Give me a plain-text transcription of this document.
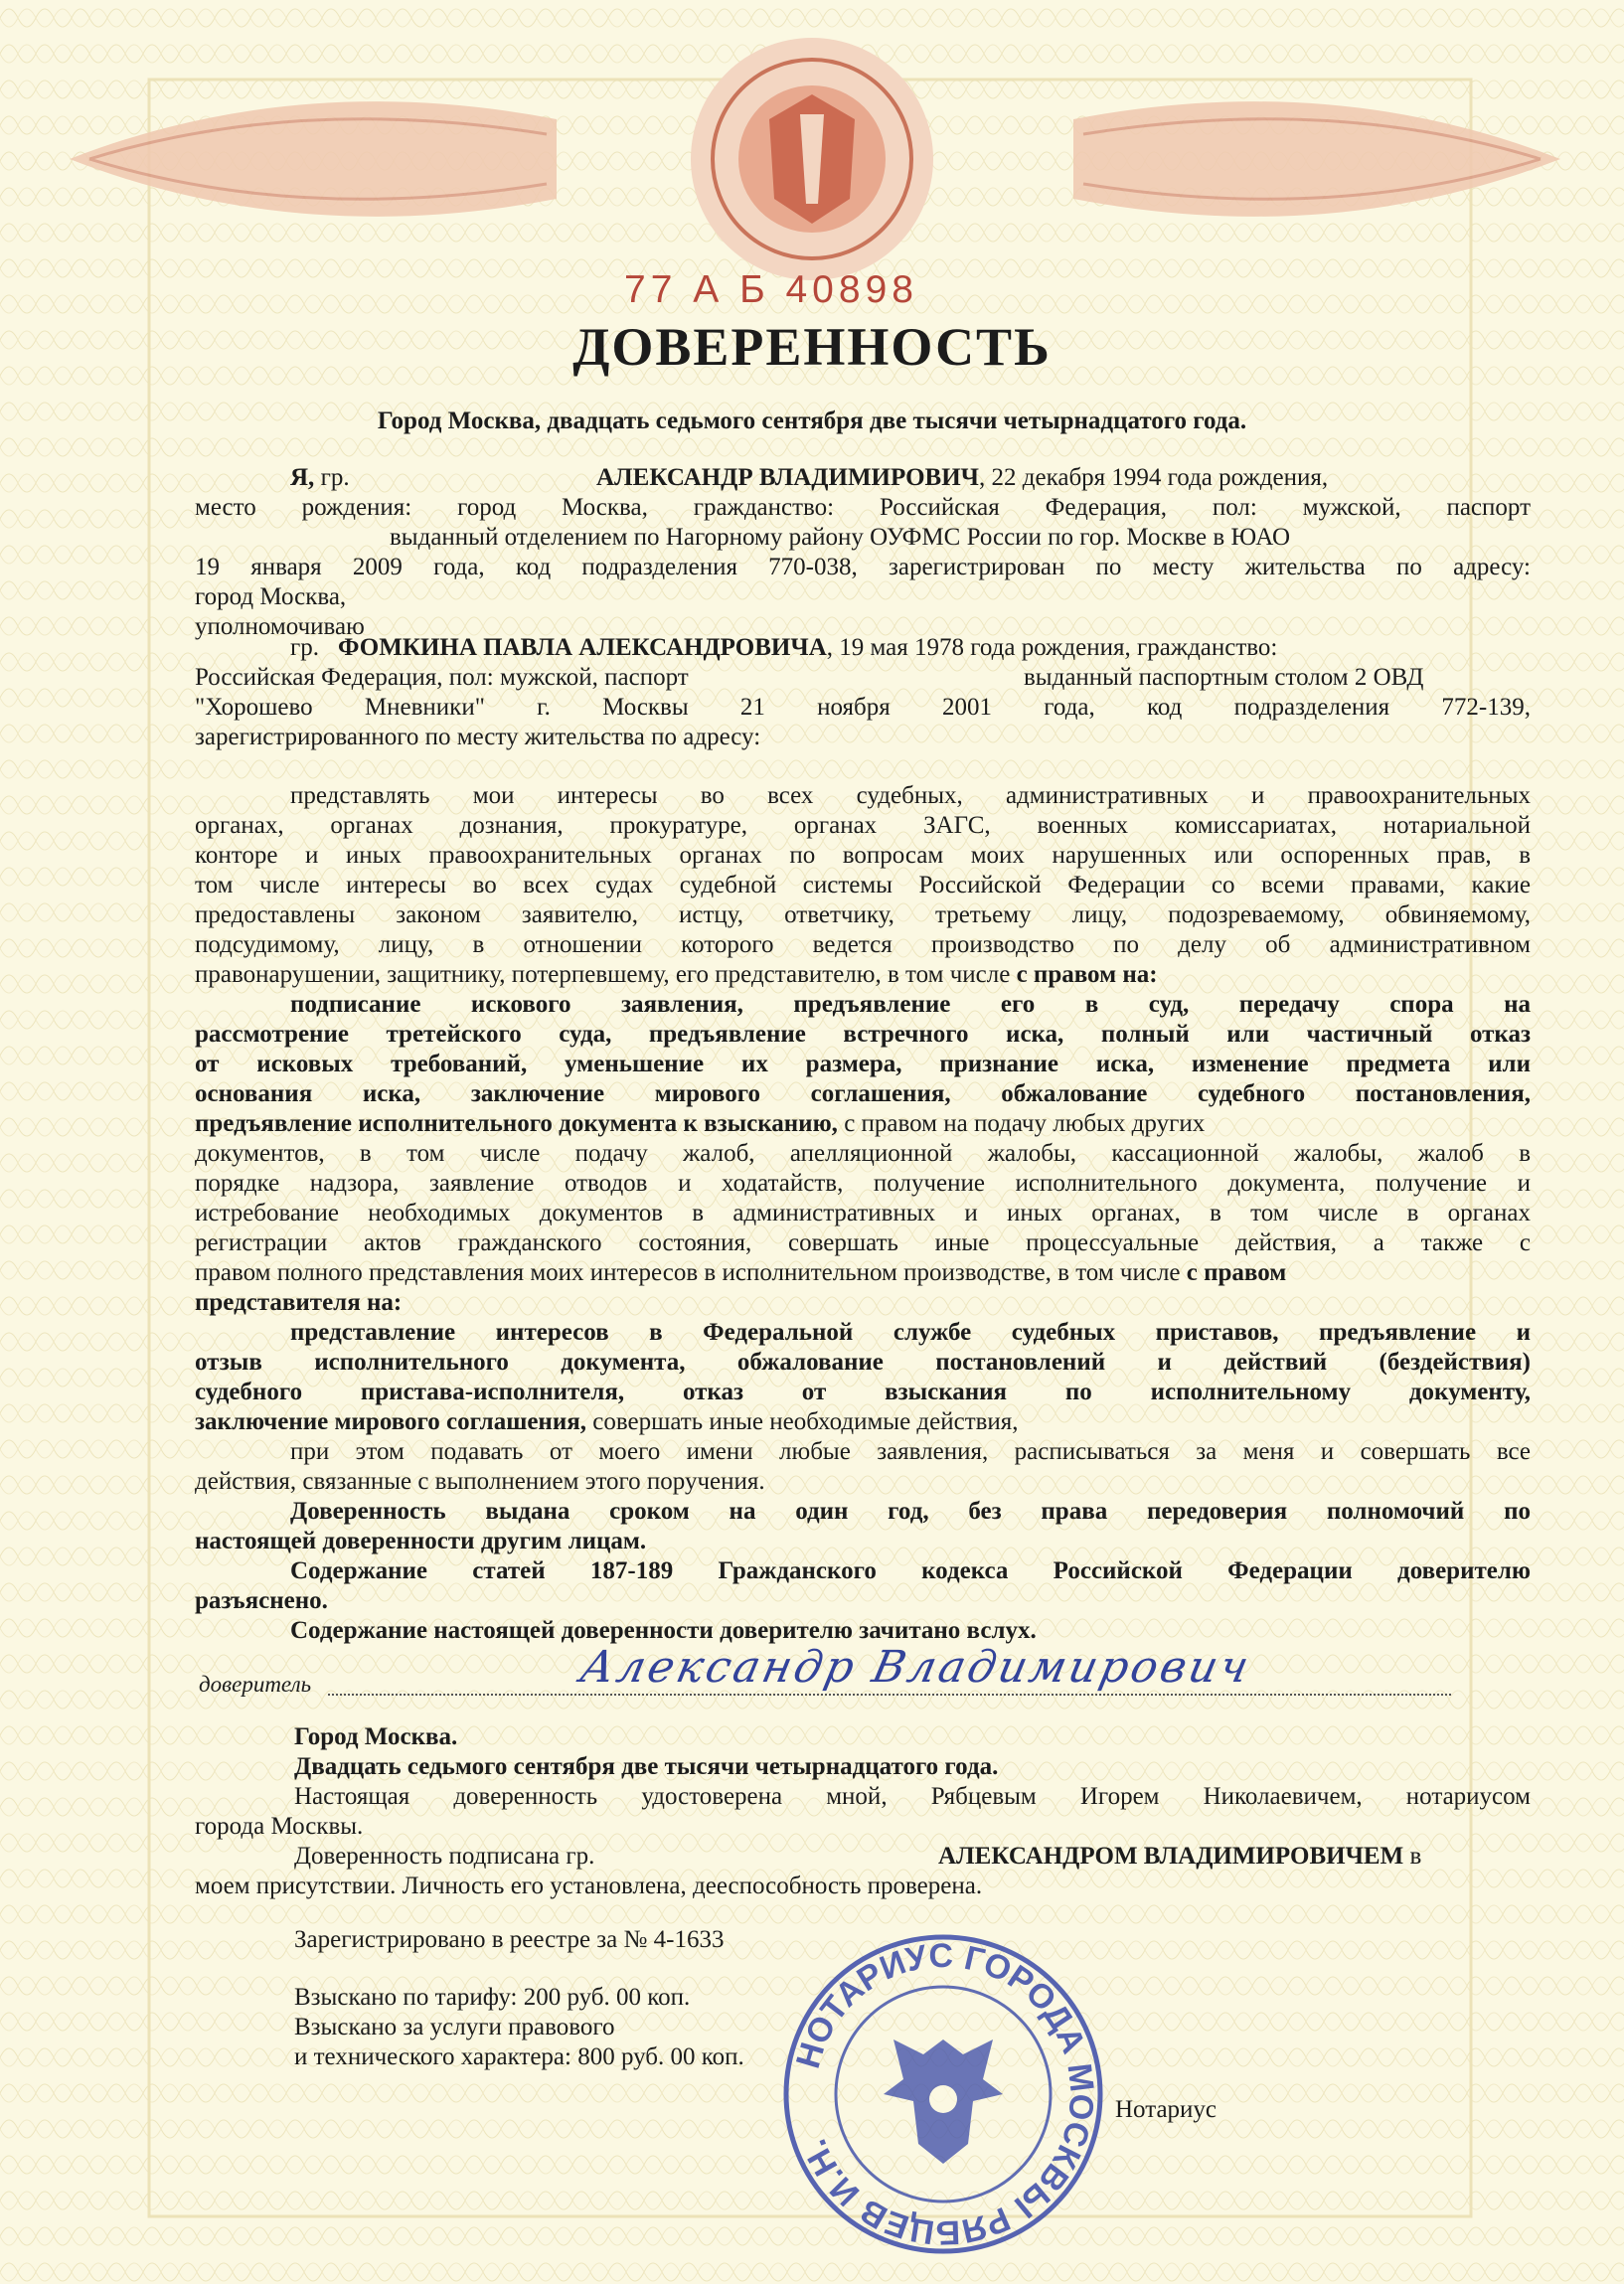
77 А Б 40898
ДОВЕРЕННОСТЬ
Город Москва, двадцать седьмого сентября две тысячи четырнадцатого года.
Я, гр.	АЛЕКСАНДР ВЛАДИМИРОВИЧ, 22 декабря 1994 года рождения,
место рождения: город Москва, гражданство: Российская Федерация, пол: мужской, паспорт
выданный отделением по Нагорному району ОУФМС России по гор. Москве в ЮАО
19 января 2009 года, код подразделения 770-038, зарегистрирован по месту жительства по адресу:
город Москва,
уполномочиваю
гр. ФОМКИНА ПАВЛА АЛЕКСАНДРОВИЧА, 19 мая 1978 года рождения, гражданство:
Российская Федерация, пол: мужской, паспорт	выданный паспортным столом 2 ОВД
"Хорошево Мневники" г. Москвы 21 ноября 2001 года, код подразделения 772-139,
зарегистрированного по месту жительства по адресу:
представлять мои интересы во всех судебных, административных и правоохранительных
органах, органах дознания, прокуратуре, органах ЗАГС, военных комиссариатах, нотариальной
конторе и иных правоохранительных органах по вопросам моих нарушенных или оспоренных прав, в
том числе интересы во всех судах судебной системы Российской Федерации со всеми правами, какие
предоставлены законом заявителю, истцу, ответчику, третьему лицу, подозреваемому, обвиняемому,
подсудимому, лицу, в отношении которого ведется производство по делу об административном
правонарушении, защитнику, потерпевшему, его представителю, в том числе с правом на:
подписание искового заявления, предъявление его в суд, передачу спора на
рассмотрение третейского суда, предъявление встречного иска, полный или частичный отказ
от исковых требований, уменьшение их размера, признание иска, изменение предмета или
основания иска, заключение мирового соглашения, обжалование судебного постановления,
предъявление исполнительного документа к взысканию, с правом на подачу любых других
документов, в том числе подачу жалоб, апелляционной жалобы, кассационной жалобы, жалоб в
порядке надзора, заявление отводов и ходатайств, получение исполнительного документа, получение и
истребование необходимых документов в административных и иных органах, в том числе в органах
регистрации актов гражданского состояния, совершать иные процессуальные действия, а также с
правом полного представления моих интересов в исполнительном производстве, в том числе с правом
представителя на:
представление интересов в Федеральной службе судебных приставов, предъявление и
отзыв исполнительного документа, обжалование постановлений и действий (бездействия)
судебного пристава-исполнителя, отказ от взыскания по исполнительному документу,
заключение мирового соглашения, совершать иные необходимые действия,
при этом подавать от моего имени любые заявления, расписываться за меня и совершать все
действия, связанные с выполнением этого поручения.
Доверенность выдана сроком на один год, без права передоверия полномочий по
настоящей доверенности другим лицам.
Содержание статей 187-189 Гражданского кодекса Российской Федерации доверителю
разъяснено.
Содержание настоящей доверенности доверителю зачитано вслух.
доверитель	Александр Владимирович
Город Москва.
Двадцать седьмого сентября две тысячи четырнадцатого года.
Настоящая доверенность удостоверена мной, Рябцевым Игорем Николаевичем, нотариусом
города Москвы.
Доверенность подписана гр.	АЛЕКСАНДРОМ ВЛАДИМИРОВИЧЕМ в
моем присутствии. Личность его установлена, дееспособность проверена.
Зарегистрировано в реестре за № 4-1633
Взыскано по тарифу: 200 руб. 00 коп.
Взыскано за услуги правового
и технического характера: 800 руб. 00 коп.
Нотариус
НОТАРИУС ГОРОДА МОСКВЫ РЯБЦЕВ И.Н.
